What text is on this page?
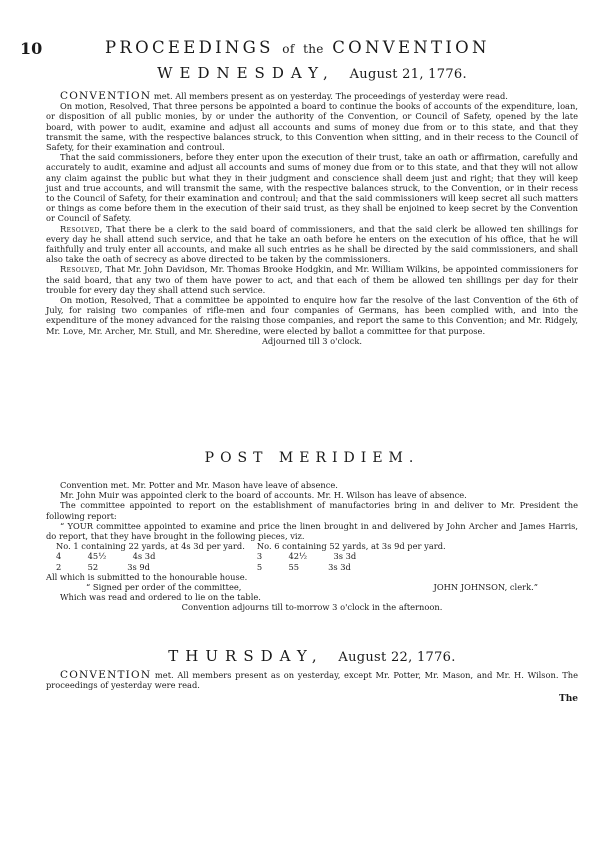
10	PROCEEDINGS of the CONVENTION
WEDNESDAY, August 21, 1776.

CONVENTION met. All members present as on yesterday. The proceedings of yesterday were read.

On motion, Resolved, That three persons be appointed a board to continue the books of accounts of the expenditure, loan, or disposition of all public monies, by or under the authority of the Convention, or Council of Safety, opened by the late board, with power to audit, examine and adjust all accounts and sums of money due from or to this state, and that they transmit the same, with the respective balances struck, to this Convention when sitting, and in their recess to the Council of Safety, for their examination and controul.

That the said commissioners, before they enter upon the execution of their trust, take an oath or affirmation, carefully and accurately to audit, examine and adjust all accounts and sums of money due from or to this state, and that they will not allow any claim against the public but what they in their judgment and conscience shall deem just and right; that they will keep just and true accounts, and will transmit the same, with the respective balances struck, to the Convention, or in their recess to the Council of Safety, for their examination and controul; and that the said commissioners will keep secret all such matters or things as come before them in the execution of their said trust, as they shall be enjoined to keep secret by the Convention or Council of Safety.

Resolved, That there be a clerk to the said board of commissioners, and that the said clerk be allowed ten shillings for every day he shall attend such service, and that he take an oath before he enters on the execution of his office, that he will faithfully and truly enter all accounts, and make all such entries as he shall be directed by the said commissioners, and shall also take the oath of secrecy as above directed to be taken by the commissioners.

Resolved, That Mr. John Davidson, Mr. Thomas Brooke Hodgkin, and Mr. William Wilkins, be appointed commissioners for the said board, that any two of them have power to act, and that each of them be allowed ten shillings per day for their trouble for every day they shall attend such service.

On motion, Resolved, That a committee be appointed to enquire how far the resolve of the last Convention of the 6th of July, for raising two companies of rifle-men and four companies of Germans, has been complied with, and into the expenditure of the money advanced for the raising those companies, and report the same to this Convention; and Mr. Ridgely, Mr. Love, Mr. Archer, Mr. Stull, and Mr. Sheredine, were elected by ballot a committee for that purpose.

Adjourned till 3 o'clock.

POST MERIDIEM.

Convention met. Mr. Potter and Mr. Mason have leave of absence.

Mr. John Muir was appointed clerk to the board of accounts. Mr. H. Wilson has leave of absence.

The committee appointed to report on the establishment of manufactories bring in and deliver to Mr. President the following report:

“ YOUR committee appointed to examine and price the linen brought in and delivered by John Archer and James Harris, do report, that they have brought in the following pieces, viz.

No. 1 containing 22 yards, at 4s 3d per yard.	No. 6 containing 52 yards, at 3s 9d per yard.
4          45½          4s 3d	3          42½          3s 3d
2          52           3s 9d	5          55           3s 3d

All which is submitted to the honourable house.

“ Signed per order of the committee,	JOHN JOHNSON, clerk.”

Which was read and ordered to lie on the table.

Convention adjourns till to-morrow 3 o'clock in the afternoon.

THURSDAY, August 22, 1776.

CONVENTION met. All members present as on yesterday, except Mr. Potter, Mr. Mason, and Mr. H. Wilson. The proceedings of yesterday were read.

The
